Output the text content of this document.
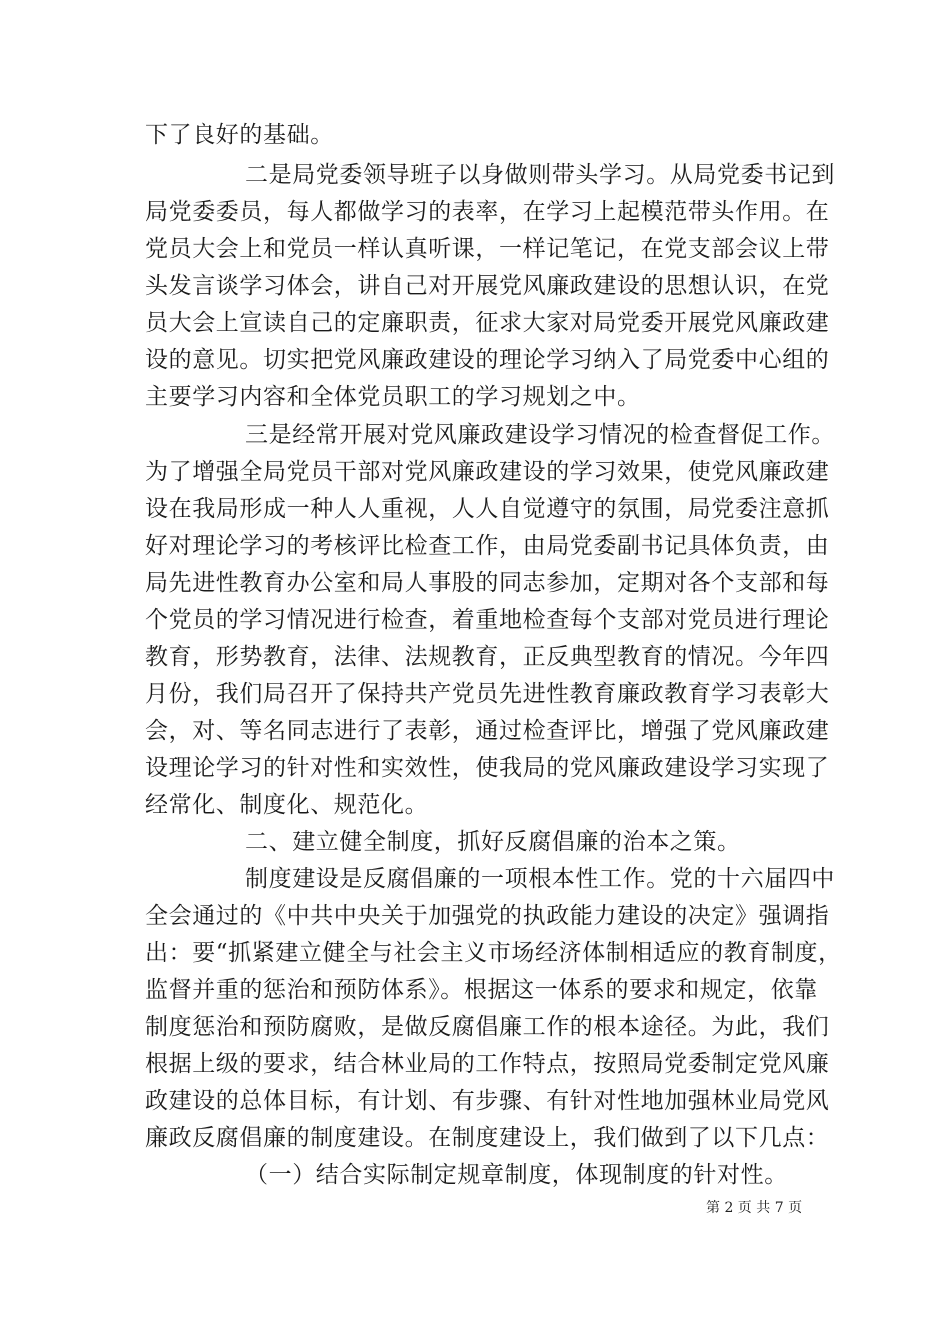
下了良好的基础。
二是局党委领导班子以身做则带头学习。从局党委书记到
局党委委员，每人都做学习的表率，在学习上起模范带头作用。在
党员大会上和党员一样认真听课，一样记笔记，在党支部会议上带
头发言谈学习体会，讲自己对开展党风廉政建设的思想认识，在党
员大会上宣读自己的定廉职责，征求大家对局党委开展党风廉政建
设的意见。切实把党风廉政建设的理论学习纳入了局党委中心组的
主要学习内容和全体党员职工的学习规划之中。
三是经常开展对党风廉政建设学习情况的检查督促工作。
为了增强全局党员干部对党风廉政建设的学习效果，使党风廉政建
设在我局形成一种人人重视，人人自觉遵守的氛围，局党委注意抓
好对理论学习的考核评比检查工作，由局党委副书记具体负责，由
局先进性教育办公室和局人事股的同志参加，定期对各个支部和每
个党员的学习情况进行检查，着重地检查每个支部对党员进行理论
教育，形势教育，法律、法规教育，正反典型教育的情况。今年四
月份，我们局召开了保持共产党员先进性教育廉政教育学习表彰大
会，对、等名同志进行了表彰，通过检查评比，增强了党风廉政建
设理论学习的针对性和实效性，使我局的党风廉政建设学习实现了
经常化、制度化、规范化。
二、建立健全制度，抓好反腐倡廉的治本之策。
制度建设是反腐倡廉的一项根本性工作。党的十六届四中
全会通过的《中共中央关于加强党的执政能力建设的决定》强调指
出：要“抓紧建立健全与社会主义市场经济体制相适应的教育制度，
监督并重的惩治和预防体系》。根据这一体系的要求和规定，依靠
制度惩治和预防腐败，是做反腐倡廉工作的根本途径。为此，我们
根据上级的要求，结合林业局的工作特点，按照局党委制定党风廉
政建设的总体目标，有计划、有步骤、有针对性地加强林业局党风
廉政反腐倡廉的制度建设。在制度建设上，我们做到了以下几点：
（一）结合实际制定规章制度，体现制度的针对性。
第 2 页 共 7 页
